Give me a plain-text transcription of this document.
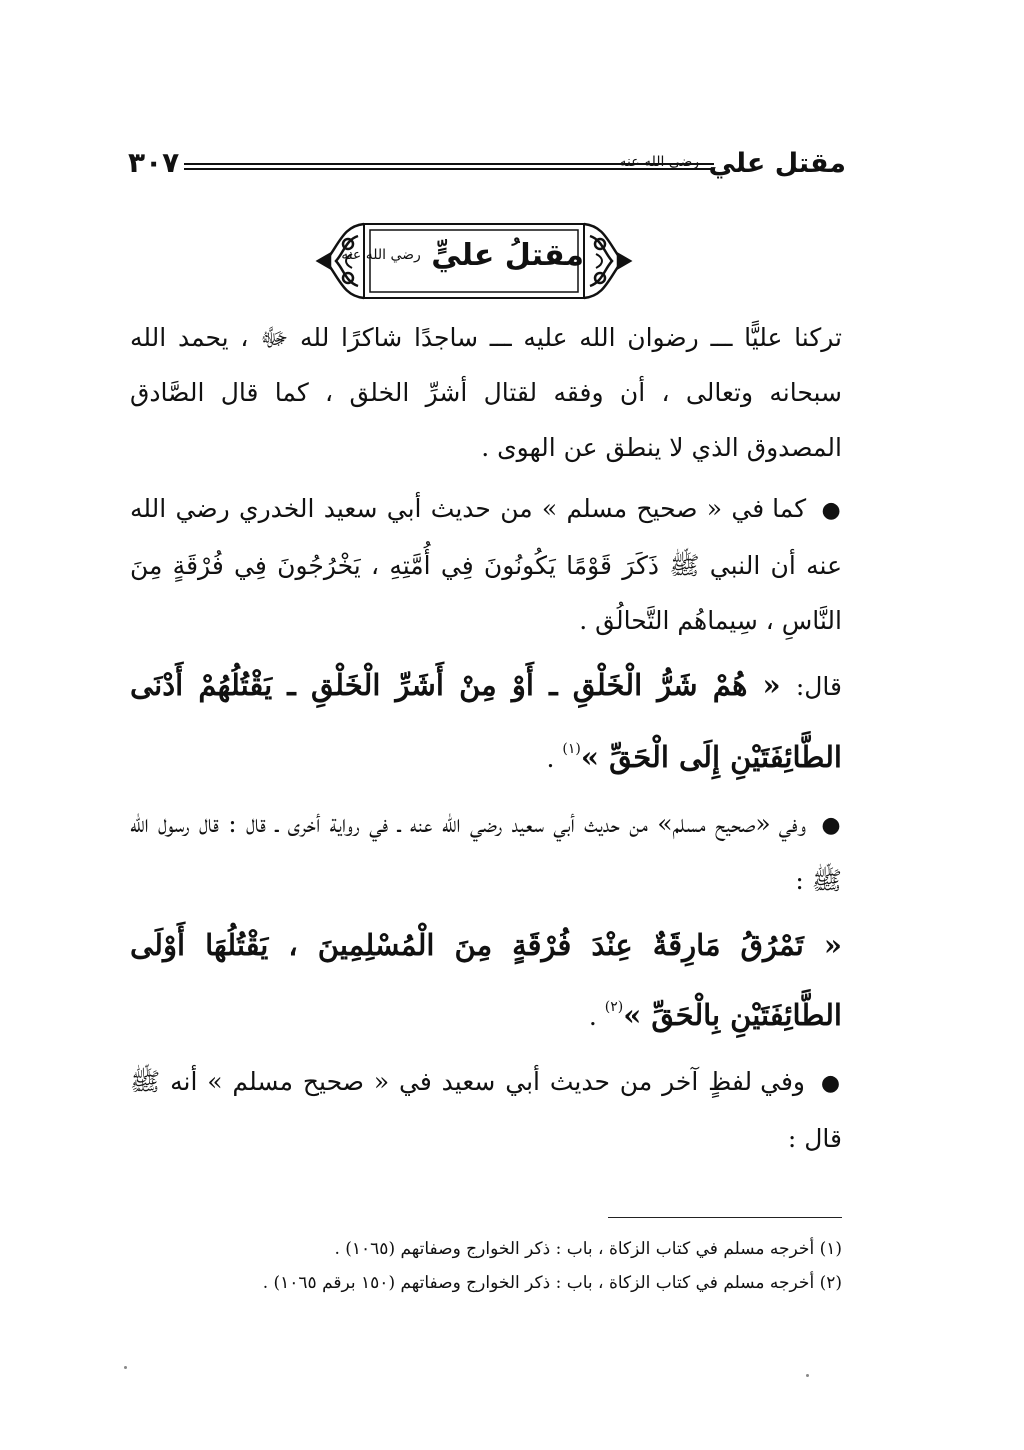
مقتل علي $^{رضي الله عنه}$
٣٠٧
مقتلُ عليٍّ $^{رضي الله عنه}$

تركنا عليًّا ـــ رضوان الله عليه ـــ ساجدًا شاكرًا لله ﷻ ، يحمد الله سبحانه وتعالى ، أن وفقه لقتال أشرِّ الخلق ، كما قال الصَّادق المصدوق الذي لا ينطق عن الهوى .

● كما في « صحيح مسلم » من حديث أبي سعيد الخدري رضي الله عنه أن النبي ﷺ ذَكَرَ قَوْمًا يَكُونُونَ فِي أُمَّتِهِ ، يَخْرُجُونَ فِي فُرْقَةٍ مِنَ النَّاسِ ، سِيماهُم التَّحالُق .

قال: « هُمْ شَرُّ الْخَلْقِ ـ أَوْ مِنْ أَشَرِّ الْخَلْقِ ـ يَقْتُلُهُمْ أَدْنَى الطَّائِفَتَيْنِ إِلَى الْحَقِّ »$^{(١)}$ .

● وفي «صحيح مسلم» من حديث أبي سعيد رضي الله عنه ـ في رواية أخرى ـ قال : قال رسول الله ﷺ :

« تَمْرُقُ مَارِقَةٌ عِنْدَ فُرْقَةٍ مِنَ الْمُسْلِمِينَ ، يَقْتُلُهَا أَوْلَى الطَّائِفَتَيْنِ بِالْحَقِّ »$^{(٢)}$ .

● وفي لفظٍ آخر من حديث أبي سعيد في « صحيح مسلم » أنه ﷺ قال :

(١) أخرجه مسلم في كتاب الزكاة ، باب : ذكر الخوارج وصفاتهم (١٠٦٥) .
(٢) أخرجه مسلم في كتاب الزكاة ، باب : ذكر الخوارج وصفاتهم (١٥٠ برقم ١٠٦٥) .
